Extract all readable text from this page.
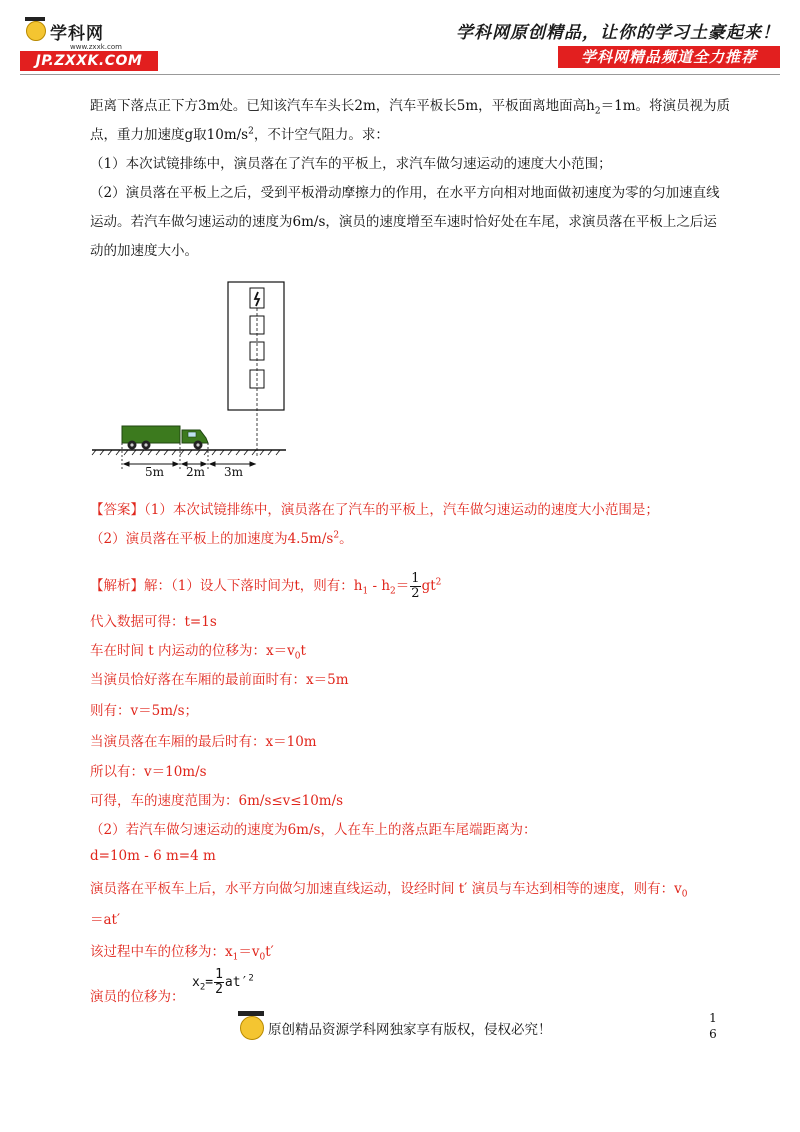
学科网
www.zxxk.com
JP.ZXXK.COM
学科网原创精品，让你的学习土豪起来！
学科网精品频道全力推荐

距离下落点正下方3m处。已知该汽车车头长2m，汽车平板长5m，平板面离地面高$h_2=1m$。将演员视为质点，重力加速度g取$10m/s^2$，不计空气阻力。求：

（1）本次试镜排练中，演员落在了汽车的平板上，求汽车做匀速运动的速度大小范围；

（2）演员落在平板上之后，受到平板滑动摩擦力的作用，在水平方向相对地面做初速度为零的匀加速直线运动。若汽车做匀速运动的速度为6m/s，演员的速度增至车速时恰好处在车尾，求演员落在平板上之后运动的加速度大小。

5m 2m 3m
【答案】（1）本次试镜排练中，演员落在了汽车的平板上，汽车做匀速运动的速度大小范围是；
（2）演员落在平板上的加速度为$4.5m/s^2$。
【解析】解：（1）设人下落时间为t，则有：$h_1 - h_2= \frac{1}{2} gt^2$
代入数据可得：t=1s
车在时间 t 内运动的位移为：$x=v_0t$
当演员恰好落在车厢的最前面时有：x＝5m
则有：v＝5m/s；
当演员落在车厢的最后时有：x＝10m
所以有：v＝10m/s
可得，车的速度范围为：6m/s≤v≤10m/s
（2）若汽车做匀速运动的速度为6m/s，人在车上的落点距车尾端距离为：
d=10m - 6 m=4 m
演员落在平板车上后，水平方向做匀加速直线运动，设经时间 t′ 演员与车达到相等的速度，则有：$v_0$
＝at′
该过程中车的位移为：$x_1=v_0t'$
演员的位移为：
$x_2= \frac{1}{2} at'^2$
原创精品资源学科网独家享有版权，侵权必究！
1
6
